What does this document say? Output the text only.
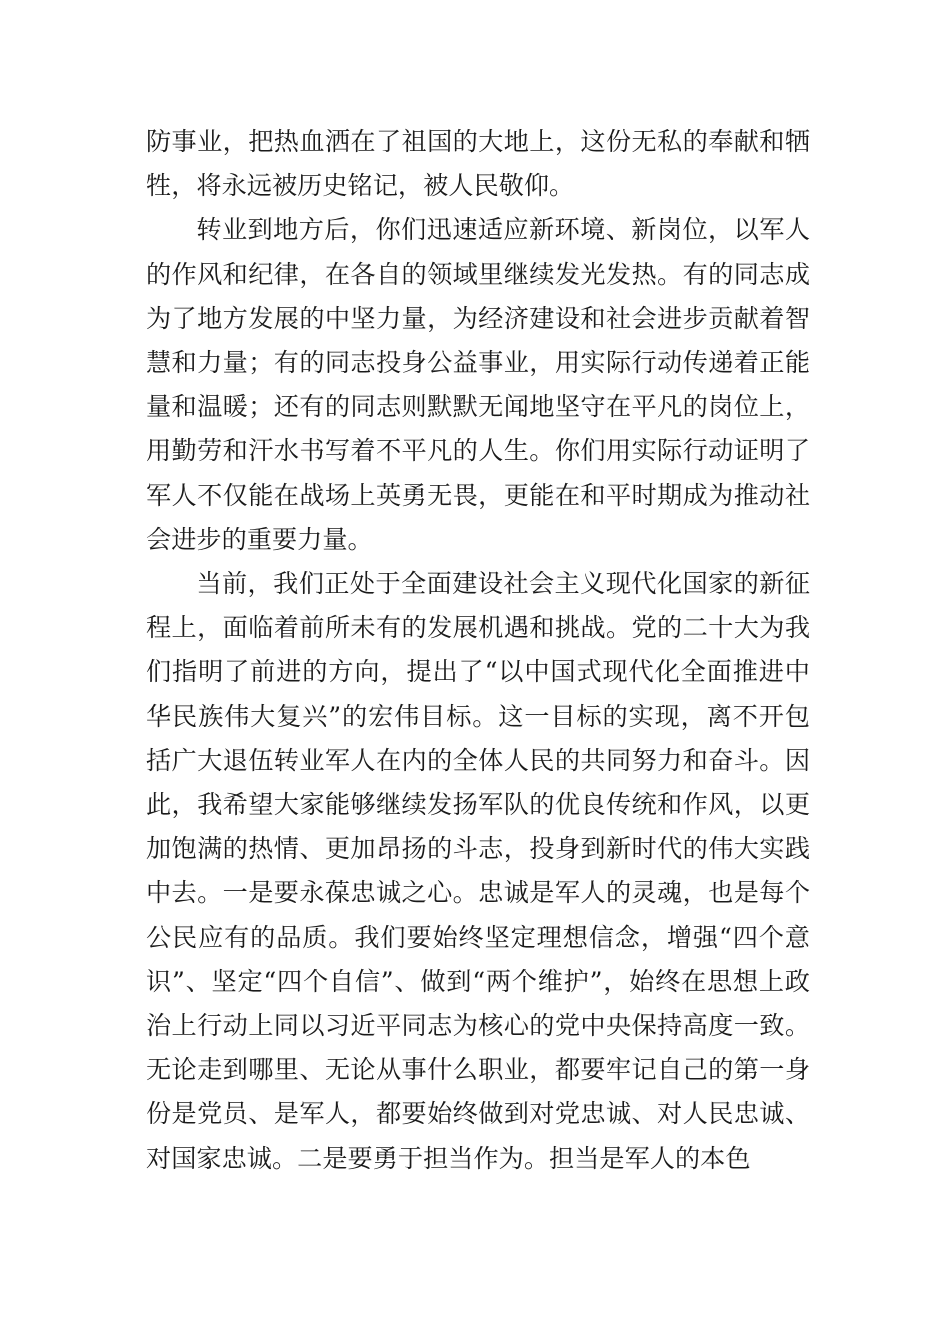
防事业，把热血洒在了祖国的大地上，这份无私的奉献和牺牲，将永远被历史铭记，被人民敬仰。

转业到地方后，你们迅速适应新环境、新岗位，以军人的作风和纪律，在各自的领域里继续发光发热。有的同志成为了地方发展的中坚力量，为经济建设和社会进步贡献着智慧和力量；有的同志投身公益事业，用实际行动传递着正能量和温暖；还有的同志则默默无闻地坚守在平凡的岗位上，用勤劳和汗水书写着不平凡的人生。你们用实际行动证明了军人不仅能在战场上英勇无畏，更能在和平时期成为推动社会进步的重要力量。

当前，我们正处于全面建设社会主义现代化国家的新征程上，面临着前所未有的发展机遇和挑战。党的二十大为我们指明了前进的方向，提出了“以中国式现代化全面推进中华民族伟大复兴”的宏伟目标。这一目标的实现，离不开包括广大退伍转业军人在内的全体人民的共同努力和奋斗。因此，我希望大家能够继续发扬军队的优良传统和作风，以更加饱满的热情、更加昂扬的斗志，投身到新时代的伟大实践中去。一是要永葆忠诚之心。忠诚是军人的灵魂，也是每个公民应有的品质。我们要始终坚定理想信念，增强“四个意识”、坚定“四个自信”、做到“两个维护”，始终在思想上政治上行动上同以习近平同志为核心的党中央保持高度一致。无论走到哪里、无论从事什么职业，都要牢记自己的第一身份是党员、是军人，都要始终做到对党忠诚、对人民忠诚、对国家忠诚。二是要勇于担当作为。担当是军人的本色
